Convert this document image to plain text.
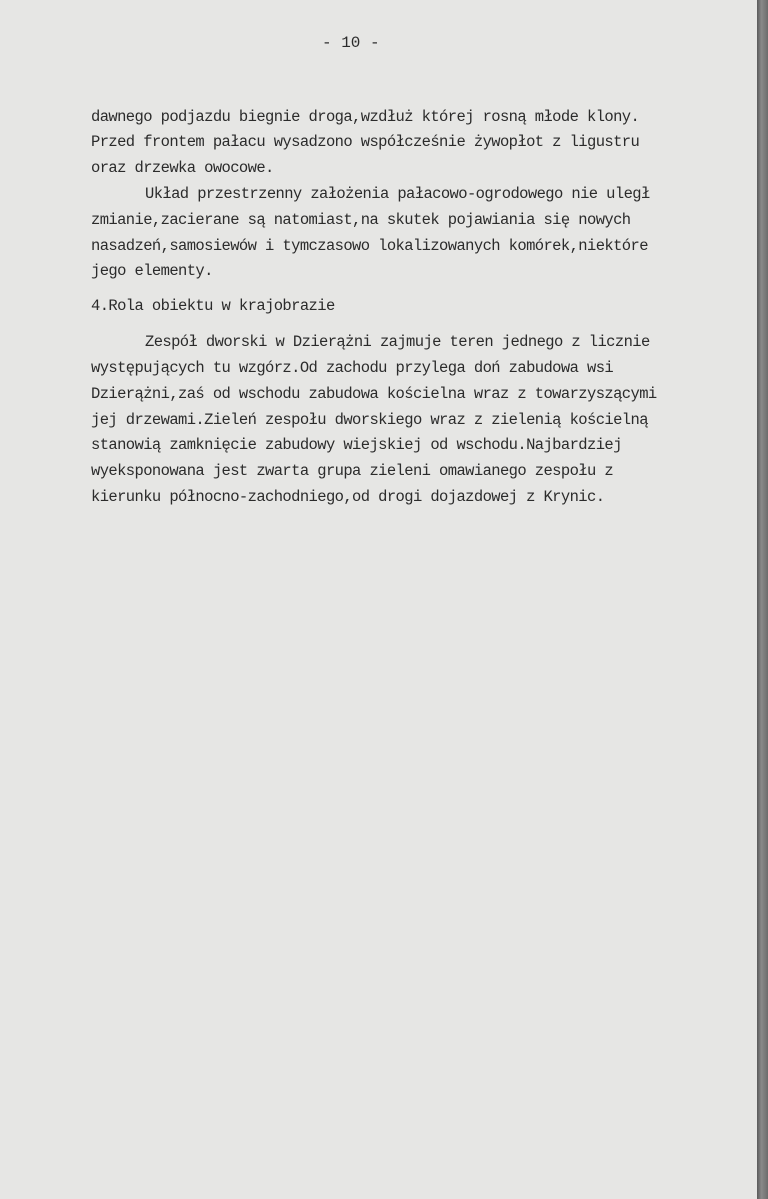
- 10 -
dawnego podjazdu biegnie droga,wzdłuż której rosną młode klony.
Przed frontem pałacu wysadzono współcześnie żywopłot z ligustru
oraz drzewka owocowe.
Układ przestrzenny założenia pałacowo-ogrodowego nie uległ
zmianie,zacierane są natomiast,na skutek pojawiania się nowych
nasadzeń,samosiewów i tymczasowo lokalizowanych komórek,niektóre
jego elementy.
4.Rola obiektu w krajobrazie
Zespół dworski w Dzierążni zajmuje teren jednego z licznie
występujących tu wzgórz.Od zachodu przylega doń zabudowa wsi
Dzierążni,zaś od wschodu zabudowa kościelna wraz z towarzyszącymi
jej drzewami.Zieleń zespołu dworskiego wraz z zielenią kościelną
stanowią zamknięcie zabudowy wiejskiej od wschodu.Najbardziej
wyeksponowana jest zwarta grupa zieleni omawianego zespołu z
kierunku północno-zachodniego,od drogi dojazdowej z Krynic.
